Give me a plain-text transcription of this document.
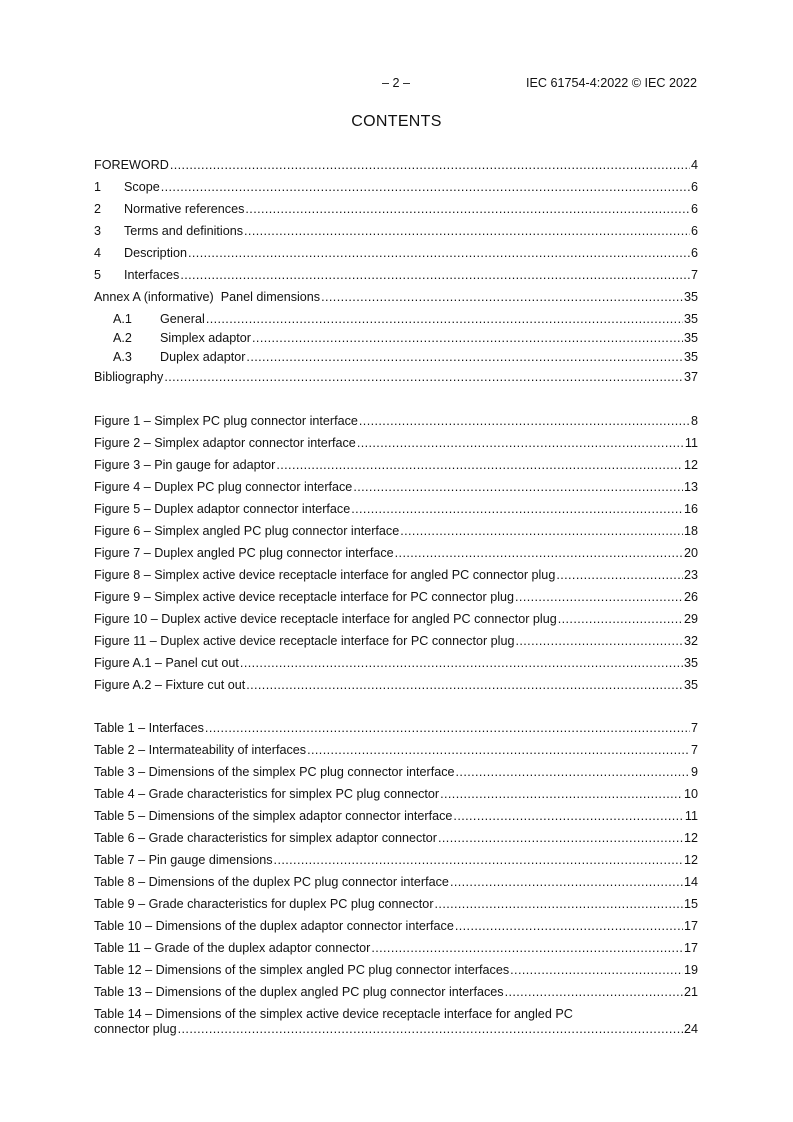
– 2 –	IEC 61754-4:2022 © IEC 2022
CONTENTS
FOREWORD .....	4
1	Scope .....	6
2	Normative references .....	6
3	Terms and definitions .....	6
4	Description .....	6
5	Interfaces .....	7
Annex A (informative)  Panel dimensions .....	35
A.1	General .....	35
A.2	Simplex adaptor .....	35
A.3	Duplex adaptor .....	35
Bibliography .....	37
Figure 1 – Simplex PC plug connector interface .....	8
Figure 2 – Simplex adaptor connector interface .....	11
Figure 3 – Pin gauge for adaptor .....	12
Figure 4 – Duplex PC plug connector interface .....	13
Figure 5 – Duplex adaptor connector interface .....	16
Figure 6 – Simplex angled PC plug connector interface .....	18
Figure 7 – Duplex angled PC plug connector interface .....	20
Figure 8 – Simplex active device receptacle interface for angled PC connector plug .....	23
Figure 9 – Simplex active device receptacle interface for PC connector plug .....	26
Figure 10 – Duplex active device receptacle interface for angled PC connector plug .....	29
Figure 11 – Duplex active device receptacle interface for PC connector plug .....	32
Figure A.1 – Panel cut out .....	35
Figure A.2 – Fixture cut out .....	35
Table 1 – Interfaces .....	7
Table 2 – Intermateability of interfaces .....	7
Table 3 – Dimensions of the simplex PC plug connector interface .....	9
Table 4 – Grade characteristics for simplex PC plug connector .....	10
Table 5 – Dimensions of the simplex adaptor connector interface .....	11
Table 6 – Grade characteristics for simplex adaptor connector .....	12
Table 7 – Pin gauge dimensions .....	12
Table 8 – Dimensions of the duplex PC plug connector interface .....	14
Table 9 – Grade characteristics for duplex PC plug connector .....	15
Table 10 – Dimensions of the duplex adaptor connector interface .....	17
Table 11 – Grade of the duplex adaptor connector .....	17
Table 12 – Dimensions of the simplex angled PC plug connector interfaces .....	19
Table 13 – Dimensions of the duplex angled PC plug connector interfaces .....	21
Table 14 – Dimensions of the simplex active device receptacle interface for angled PC
connector plug .....	24
